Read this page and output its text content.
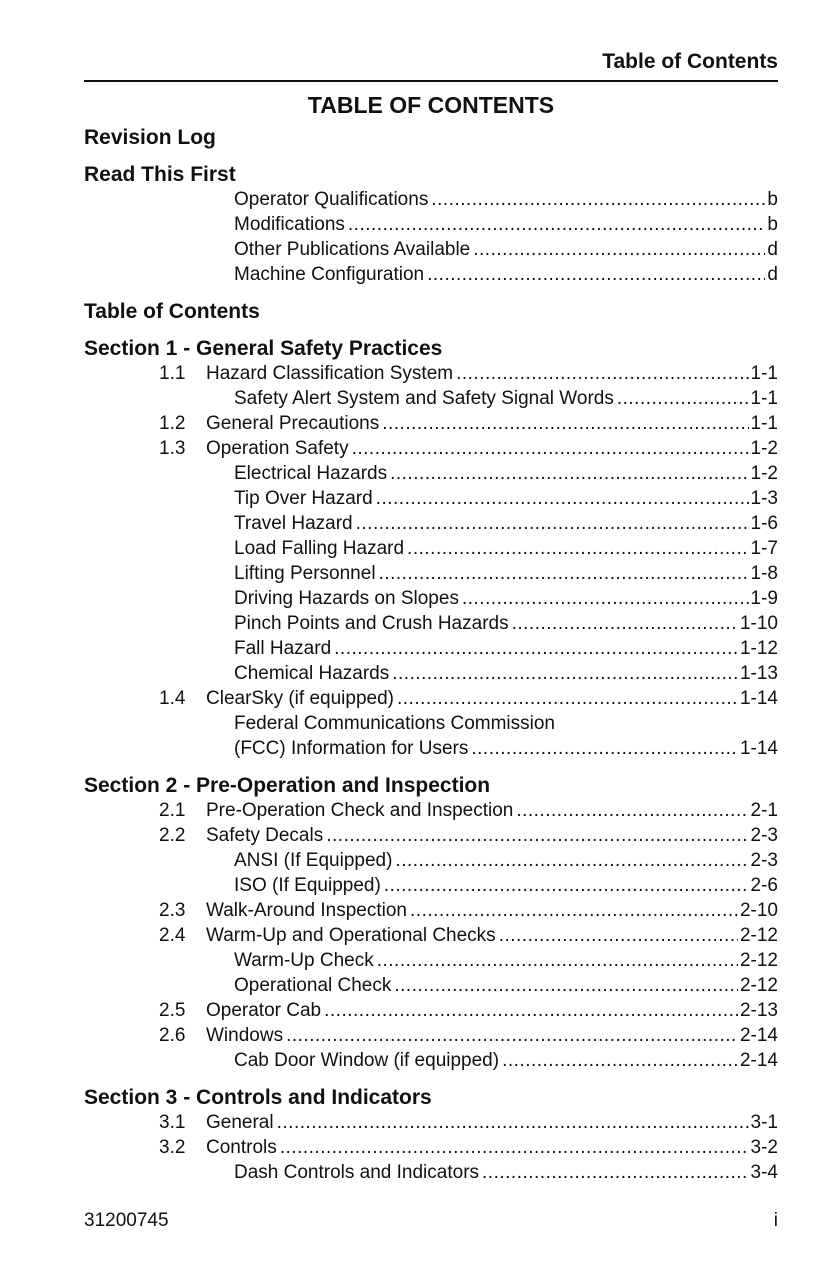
Table of Contents
TABLE OF CONTENTS
Revision Log
Read This First
Operator Qualifications .....	b
Modifications .....	b
Other Publications Available .....	d
Machine Configuration .....	d
Table of Contents
Section 1 - General Safety Practices
1.1	Hazard Classification System .....	1-1
Safety Alert System and Safety Signal Words .....	1-1
1.2	General Precautions .....	1-1
1.3	Operation Safety .....	1-2
Electrical Hazards .....	1-2
Tip Over Hazard .....	1-3
Travel Hazard .....	1-6
Load Falling Hazard .....	1-7
Lifting Personnel .....	1-8
Driving Hazards on Slopes .....	1-9
Pinch Points and Crush Hazards .....	1-10
Fall Hazard .....	1-12
Chemical Hazards .....	1-13
1.4	ClearSky (if equipped) .....	1-14
Federal Communications Commission
(FCC) Information for Users .....	1-14
Section 2 - Pre-Operation and Inspection
2.1	Pre-Operation Check and Inspection .....	2-1
2.2	Safety Decals .....	2-3
ANSI (If Equipped) .....	2-3
ISO (If Equipped) .....	2-6
2.3	Walk-Around Inspection .....	2-10
2.4	Warm-Up and Operational Checks .....	2-12
Warm-Up Check .....	2-12
Operational Check .....	2-12
2.5	Operator Cab .....	2-13
2.6	Windows .....	2-14
Cab Door Window (if equipped) .....	2-14
Section 3 - Controls and Indicators
3.1	General .....	3-1
3.2	Controls .....	3-2
Dash Controls and Indicators .....	3-4
31200745	i
